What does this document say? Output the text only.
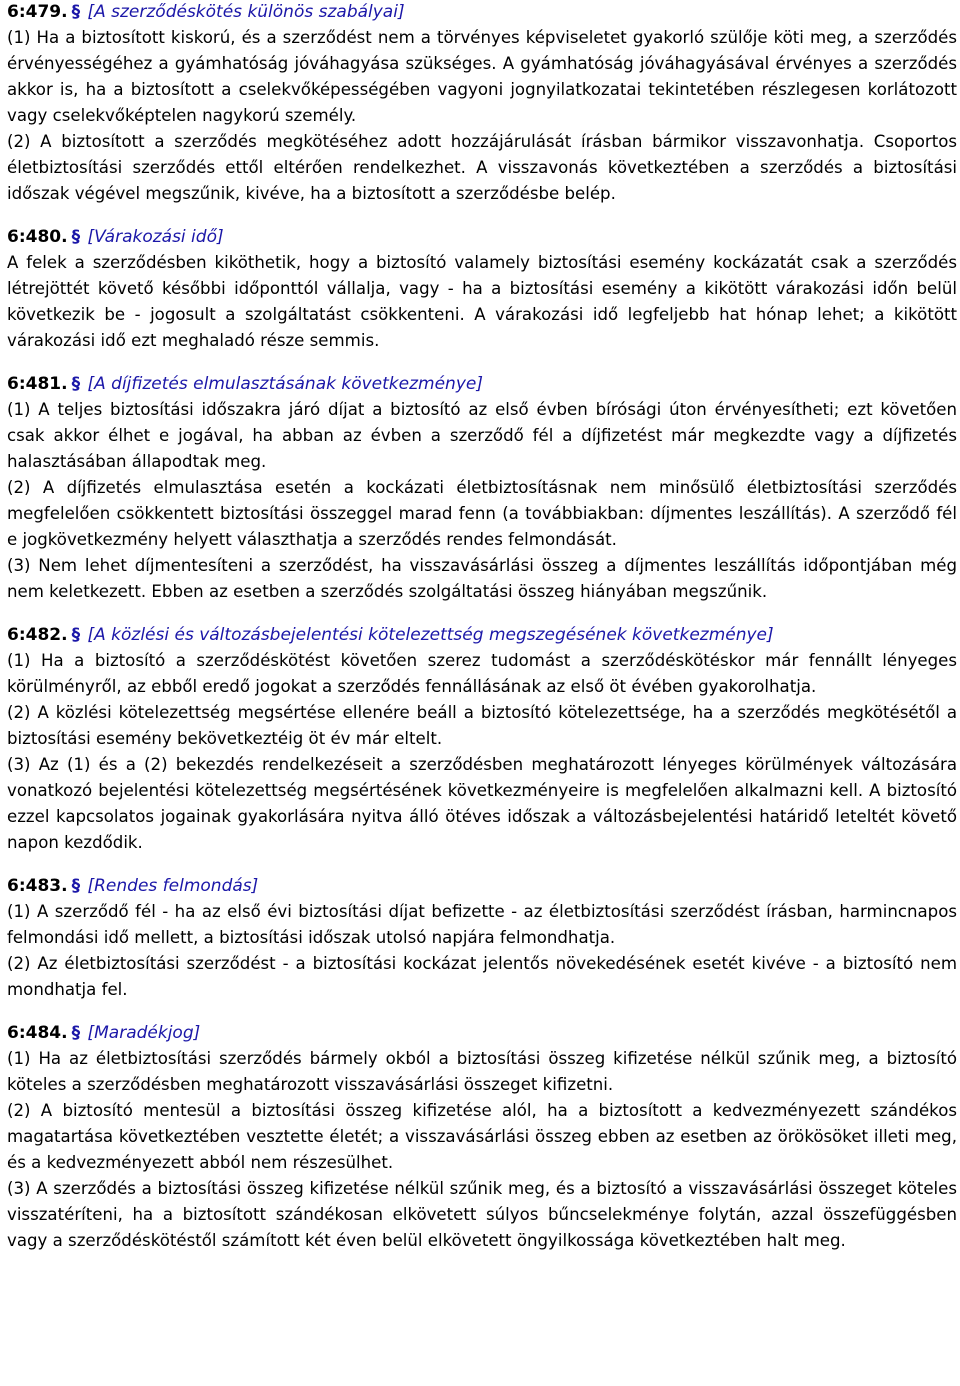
6:479. § [A szerződéskötés különös szabályai]

(1) Ha a biztosított kiskorú, és a szerződést nem a törvényes képviseletet gyakorló szülője köti meg, a szerződés érvényességéhez a gyámhatóság jóváhagyása szükséges. A gyámhatóság jóváhagyásával érvényes a szerződés akkor is, ha a biztosított a cselekvőképességében vagyoni jognyilatkozatai tekintetében részlegesen korlátozott vagy cselekvőképtelen nagykorú személy.

(2) A biztosított a szerződés megkötéséhez adott hozzájárulását írásban bármikor visszavonhatja. Csoportos életbiztosítási szerződés ettől eltérően rendelkezhet. A visszavonás következtében a szerződés a biztosítási időszak végével megszűnik, kivéve, ha a biztosított a szerződésbe belép.

6:480. § [Várakozási idő]

A felek a szerződésben kiköthetik, hogy a biztosító valamely biztosítási esemény kockázatát csak a szerződés létrejöttét követő későbbi időponttól vállalja, vagy - ha a biztosítási esemény a kikötött várakozási időn belül következik be - jogosult a szolgáltatást csökkenteni. A várakozási idő legfeljebb hat hónap lehet; a kikötött várakozási idő ezt meghaladó része semmis.

6:481. § [A díjfizetés elmulasztásának következménye]

(1) A teljes biztosítási időszakra járó díjat a biztosító az első évben bírósági úton érvényesítheti; ezt követően csak akkor élhet e jogával, ha abban az évben a szerződő fél a díjfizetést már megkezdte vagy a díjfizetés halasztásában állapodtak meg.

(2) A díjfizetés elmulasztása esetén a kockázati életbiztosításnak nem minősülő életbiztosítási szerződés megfelelően csökkentett biztosítási összeggel marad fenn (a továbbiakban: díjmentes leszállítás). A szerződő fél e jogkövetkezmény helyett választhatja a szerződés rendes felmondását.

(3) Nem lehet díjmentesíteni a szerződést, ha visszavásárlási összeg a díjmentes leszállítás időpontjában még nem keletkezett. Ebben az esetben a szerződés szolgáltatási összeg hiányában megszűnik.

6:482. § [A közlési és változásbejelentési kötelezettség megszegésének következménye]

(1) Ha a biztosító a szerződéskötést követően szerez tudomást a szerződéskötéskor már fennállt lényeges körülményről, az ebből eredő jogokat a szerződés fennállásának az első öt évében gyakorolhatja.

(2) A közlési kötelezettség megsértése ellenére beáll a biztosító kötelezettsége, ha a szerződés megkötésétől a biztosítási esemény bekövetkeztéig öt év már eltelt.

(3) Az (1) és a (2) bekezdés rendelkezéseit a szerződésben meghatározott lényeges körülmények változására vonatkozó bejelentési kötelezettség megsértésének következményeire is megfelelően alkalmazni kell. A biztosító ezzel kapcsolatos jogainak gyakorlására nyitva álló ötéves időszak a változásbejelentési határidő leteltét követő napon kezdődik.

6:483. § [Rendes felmondás]

(1) A szerződő fél - ha az első évi biztosítási díjat befizette - az életbiztosítási szerződést írásban, harmincnapos felmondási idő mellett, a biztosítási időszak utolsó napjára felmondhatja.

(2) Az életbiztosítási szerződést - a biztosítási kockázat jelentős növekedésének esetét kivéve - a biztosító nem mondhatja fel.

6:484. § [Maradékjog]

(1) Ha az életbiztosítási szerződés bármely okból a biztosítási összeg kifizetése nélkül szűnik meg, a biztosító köteles a szerződésben meghatározott visszavásárlási összeget kifizetni.

(2) A biztosító mentesül a biztosítási összeg kifizetése alól, ha a biztosított a kedvezményezett szándékos magatartása következtében vesztette életét; a visszavásárlási összeg ebben az esetben az örökösöket illeti meg, és a kedvezményezett abból nem részesülhet.

(3) A szerződés a biztosítási összeg kifizetése nélkül szűnik meg, és a biztosító a visszavásárlási összeget köteles visszatéríteni, ha a biztosított szándékosan elkövetett súlyos bűncselekménye folytán, azzal összefüggésben vagy a szerződéskötéstől számított két éven belül elkövetett öngyilkossága következtében halt meg.
